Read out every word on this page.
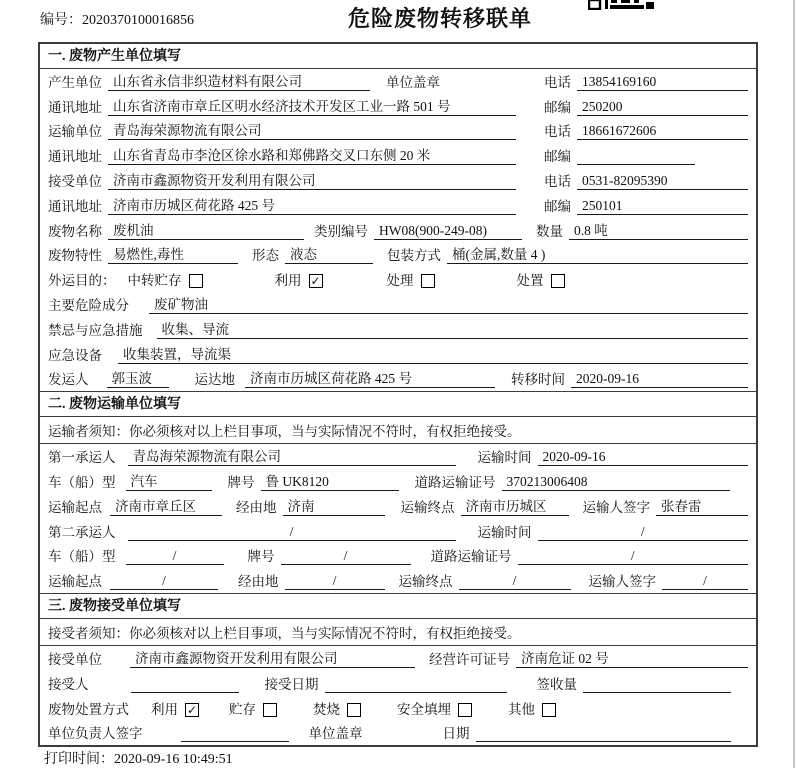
编号：2020370100016856	危险废物转移联单
一. 废物产生单位填写
产生单位 山东省永信非织造材料有限公司	单位盖章	电话 13854169160
通讯地址 山东省济南市章丘区明水经济技术开发区工业一路 501 号	邮编 250200
运输单位 青岛海荣源物流有限公司	电话 18661672606
通讯地址 山东省青岛市李沧区徐水路和郑佛路交叉口东侧 20 米	邮编
接受单位 济南市鑫源物资开发利用有限公司	电话 0531-82095390
通讯地址 济南市历城区荷花路 425 号	邮编 250101
废物名称 废机油	类别编号 HW08(900-249-08)	数量 0.8 吨
废物特性 易燃性,毒性	形态 液态	包装方式 桶(金属,数量 4 )
外运目的： 中转贮存	利用 ✓	处理	处置
主要危险成分	废矿物油
禁忌与应急措施	收集、导流
应急设备	收集装置，导流渠
发运人	郭玉波	运达地	济南市历城区荷花路 425 号	转移时间 2020-09-16
二. 废物运输单位填写
运输者须知：你必须核对以上栏目事项，当与实际情况不符时，有权拒绝接受。
第一承运人	青岛海荣源物流有限公司	运输时间 2020-09-16
车（船）型	汽车	牌号 鲁 UK8120	道路运输证号 370213006408
运输起点 济南市章丘区	经由地 济南	运输终点 济南市历城区	运输人签字 张春雷
第二承运人	/	运输时间	/
车（船）型	/	牌号	/	道路运输证号	/
运输起点	/	经由地	/	运输终点	/	运输人签字	/
三. 废物接受单位填写
接受者须知：你必须核对以上栏目事项，当与实际情况不符时，有权拒绝接受。
接受单位	济南市鑫源物资开发利用有限公司	经营许可证号 济南危证 02 号
接受人	接受日期	签收量
废物处置方式 利用 ✓ 贮存	焚烧	安全填埋	其他
单位负责人签字	单位盖章	日期
打印时间：2020-09-16 10:49:51
